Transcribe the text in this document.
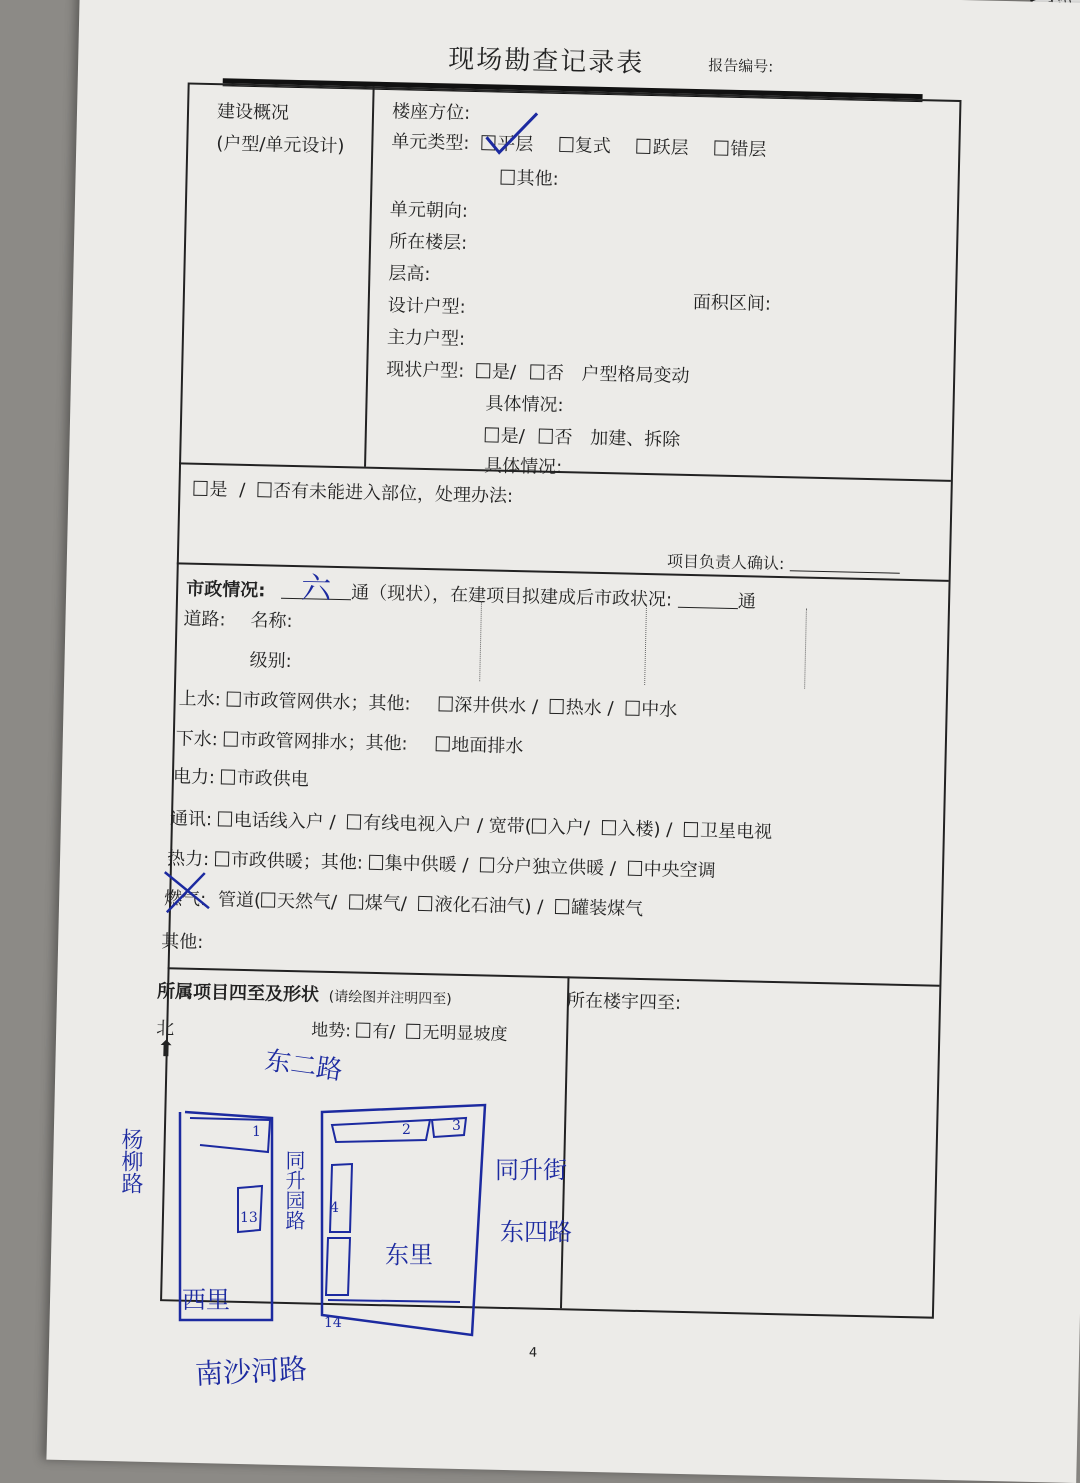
现场勘查记录表	报告编号:
建设概况
(户型/单元设计)
楼座方位:
单元类型: 平层 复式 跃层 错层
其他:
单元朝向:
所在楼层:
层高:
设计户型:	面积区间:
主力户型:
现状户型: 是/ 否 户型格局变动
具体情况:
是/ 否 加建、拆除
具体情况:
是 / 否有未能进入部位，处理办法:
项目负责人确认:
市政情况:	通（现状），在建项目拟建成后市政状况:	通
六
道路: 名称:
级别:
上水: 市政管网供水；其他: 深井供水 / 热水 / 中水
下水: 市政管网排水；其他: 地面排水
电力: 市政供电
通讯: 电话线入户 / 有线电视入户 / 宽带( 入户/ 入楼) / 卫星电视
热力: 市政供暖；其他: 集中供暖 / 分户独立供暖 / 中央空调
燃气: 管道( 天然气/ 煤气/ 液化石油气) / 罐装煤气
其他:
所属项目四至及形状 (请绘图并注明四至)	所在楼宇四至:
北
⬆
地势: 有/ 无明显坡度
4
东二路
杨柳路	同升园路	同升街
东四路
西里
东里
南沙河路
1	2	3
13
4
14
